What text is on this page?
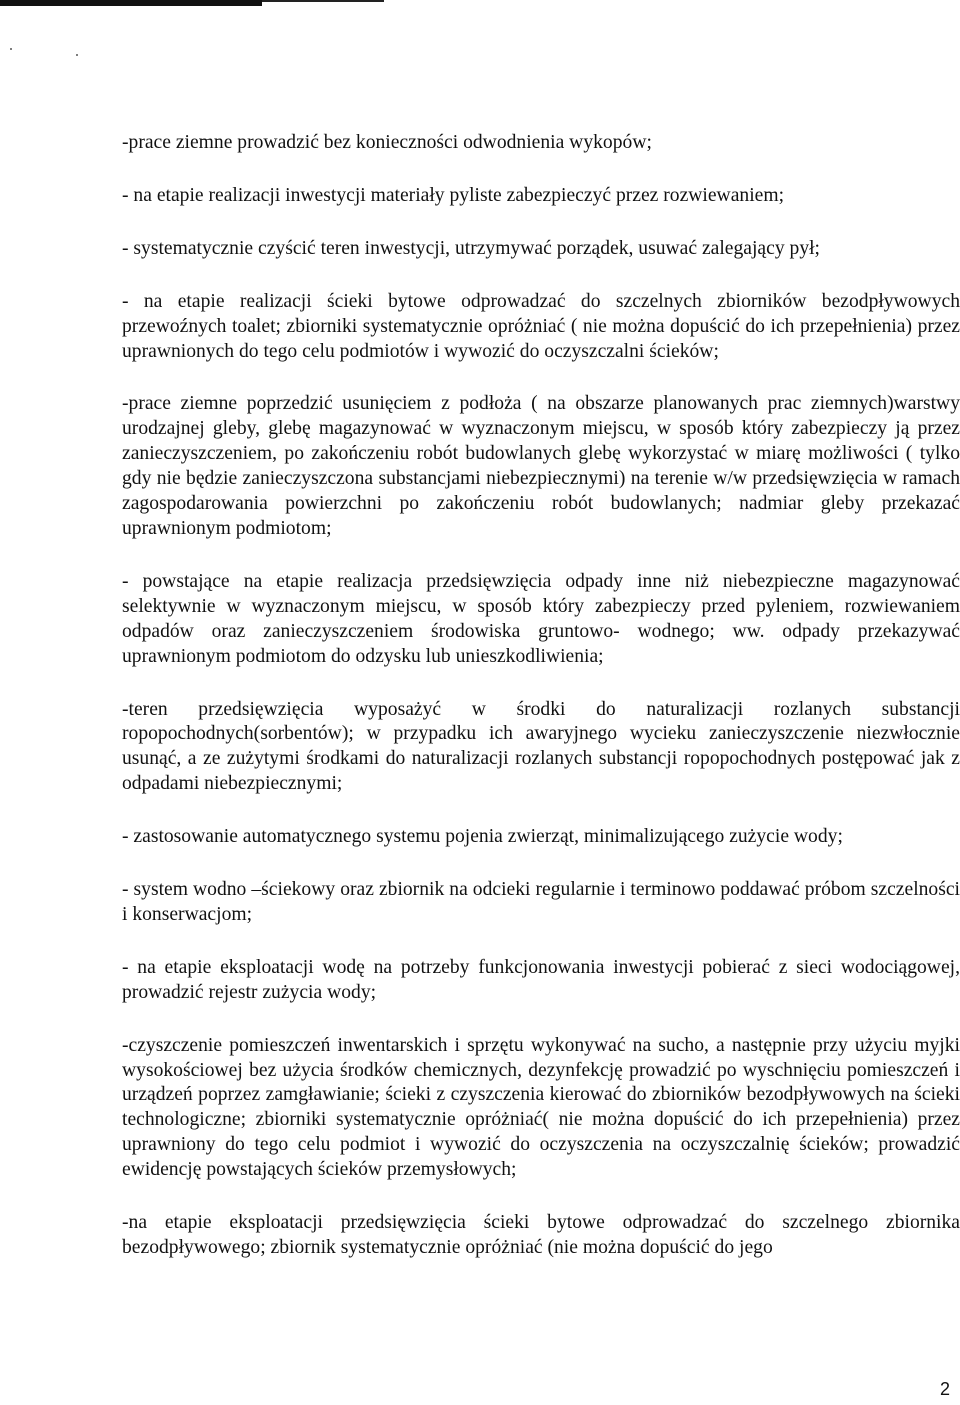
-prace ziemne prowadzić bez konieczności odwodnienia wykopów;

- na etapie realizacji inwestycji materiały pyliste zabezpieczyć przez rozwiewaniem;

- systematycznie czyścić teren inwestycji, utrzymywać porządek, usuwać zalegający pył;

- na etapie realizacji ścieki bytowe odprowadzać do szczelnych zbiorników bezodpływowych przewoźnych toalet; zbiorniki systematycznie opróżniać ( nie można dopuścić do ich przepełnienia) przez uprawnionych do tego celu podmiotów i wywozić do oczyszczalni ścieków;

-prace ziemne poprzedzić usunięciem z podłoża ( na obszarze planowanych prac ziemnych)warstwy urodzajnej gleby, glebę magazynować w wyznaczonym miejscu, w sposób który zabezpieczy ją przez zanieczyszczeniem, po zakończeniu robót budowlanych glebę wykorzystać w miarę możliwości ( tylko gdy nie będzie zanieczyszczona substancjami niebezpiecznymi) na terenie w/w przedsięwzięcia w ramach zagospodarowania powierzchni po zakończeniu robót budowlanych; nadmiar gleby przekazać uprawnionym podmiotom;

- powstające na etapie realizacja przedsięwzięcia odpady inne niż niebezpieczne magazynować selektywnie w wyznaczonym miejscu, w sposób który zabezpieczy przed pyleniem, rozwiewaniem odpadów oraz zanieczyszczeniem środowiska gruntowo- wodnego; ww. odpady przekazywać uprawnionym podmiotom do odzysku lub unieszkodliwienia;

-teren przedsięwzięcia wyposażyć w środki do naturalizacji rozlanych substancji ropopochodnych(sorbentów); w przypadku ich awaryjnego wycieku zanieczyszczenie niezwłocznie usunąć, a ze zużytymi środkami do naturalizacji rozlanych substancji ropopochodnych postępować jak z odpadami niebezpiecznymi;

- zastosowanie automatycznego systemu pojenia zwierząt, minimalizującego zużycie wody;

- system wodno –ściekowy oraz zbiornik na odcieki regularnie i terminowo poddawać próbom szczelności i konserwacjom;

- na etapie eksploatacji wodę na potrzeby funkcjonowania inwestycji pobierać z sieci wodociągowej, prowadzić rejestr zużycia wody;

-czyszczenie pomieszczeń inwentarskich i sprzętu wykonywać na sucho, a następnie przy użyciu myjki wysokościowej bez użycia środków chemicznych, dezynfekcję prowadzić po wyschnięciu pomieszczeń i urządzeń poprzez zamgławianie; ścieki z czyszczenia kierować do zbiorników bezodpływowych na ścieki technologiczne; zbiorniki systematycznie opróżniać( nie można dopuścić do ich przepełnienia) przez uprawniony do tego celu podmiot i wywozić do oczyszczenia na oczyszczalnię ścieków; prowadzić ewidencję powstających ścieków przemysłowych;

-na etapie eksploatacji przedsięwzięcia ścieki bytowe odprowadzać do szczelnego zbiornika bezodpływowego; zbiornik systematycznie opróżniać (nie można dopuścić do jego

2
